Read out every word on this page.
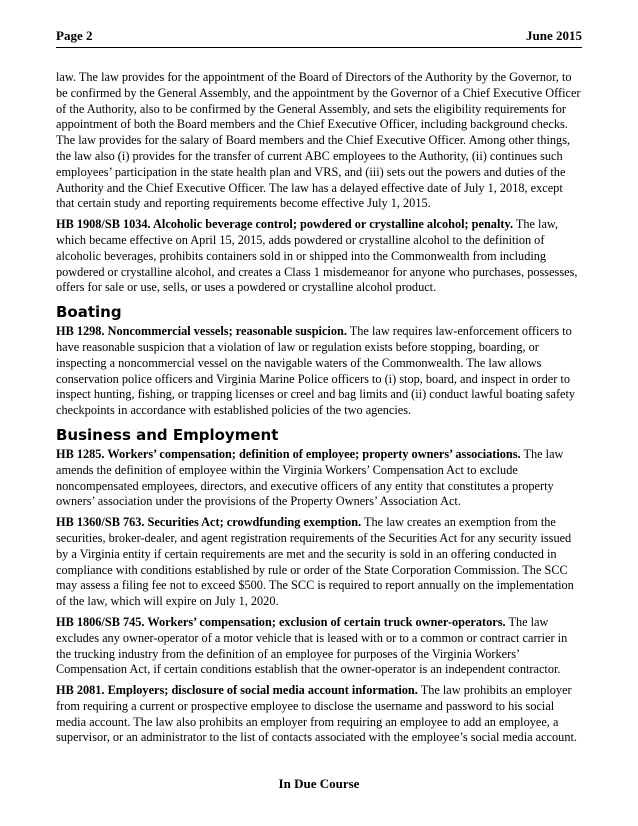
Page 2	June 2015

law. The law provides for the appointment of the Board of Directors of the Authority by the Governor, to be confirmed by the General Assembly, and the appointment by the Governor of a Chief Executive Officer of the Authority, also to be confirmed by the General Assembly, and sets the eligibility requirements for appointment of both the Board members and the Chief Executive Officer, including background checks. The law provides for the salary of Board members and the Chief Executive Officer. Among other things, the law also (i) provides for the transfer of current ABC employees to the Authority, (ii) continues such employees’ participation in the state health plan and VRS, and (iii) sets out the powers and duties of the Authority and the Chief Executive Officer. The law has a delayed effective date of July 1, 2018, except that certain study and reporting requirements become effective July 1, 2015.

HB 1908/SB 1034. Alcoholic beverage control; powdered or crystalline alcohol; penalty. The law, which became effective on April 15, 2015, adds powdered or crystalline alcohol to the definition of alcoholic beverages, prohibits containers sold in or shipped into the Commonwealth from including powdered or crystalline alcohol, and creates a Class 1 misdemeanor for anyone who purchases, possesses, offers for sale or use, sells, or uses a powdered or crystalline alcohol product.

Boating

HB 1298. Noncommercial vessels; reasonable suspicion. The law requires law-enforcement officers to have reasonable suspicion that a violation of law or regulation exists before stopping, boarding, or inspecting a noncommercial vessel on the navigable waters of the Commonwealth. The law allows conservation police officers and Virginia Marine Police officers to (i) stop, board, and inspect in order to inspect hunting, fishing, or trapping licenses or creel and bag limits and (ii) conduct lawful boating safety checkpoints in accordance with established policies of the two agencies.

Business and Employment

HB 1285. Workers’ compensation; definition of employee; property owners’ associations. The law amends the definition of employee within the Virginia Workers’ Compensation Act to exclude noncompensated employees, directors, and executive officers of any entity that constitutes a property owners’ association under the provisions of the Property Owners’ Association Act.

HB 1360/SB 763. Securities Act; crowdfunding exemption. The law creates an exemption from the securities, broker-dealer, and agent registration requirements of the Securities Act for any security issued by a Virginia entity if certain requirements are met and the security is sold in an offering conducted in compliance with conditions established by rule or order of the State Corporation Commission. The SCC may assess a filing fee not to exceed $500. The SCC is required to report annually on the implementation of the law, which will expire on July 1, 2020.

HB 1806/SB 745. Workers’ compensation; exclusion of certain truck owner-operators. The law excludes any owner-operator of a motor vehicle that is leased with or to a common or contract carrier in the trucking industry from the definition of an employee for purposes of the Virginia Workers’ Compensation Act, if certain conditions establish that the owner-operator is an independent contractor.

HB 2081. Employers; disclosure of social media account information. The law prohibits an employer from requiring a current or prospective employee to disclose the username and password to his social media account. The law also prohibits an employer from requiring an employee to add an employee, a supervisor, or an administrator to the list of contacts associated with the employee’s social media account.

In Due Course
